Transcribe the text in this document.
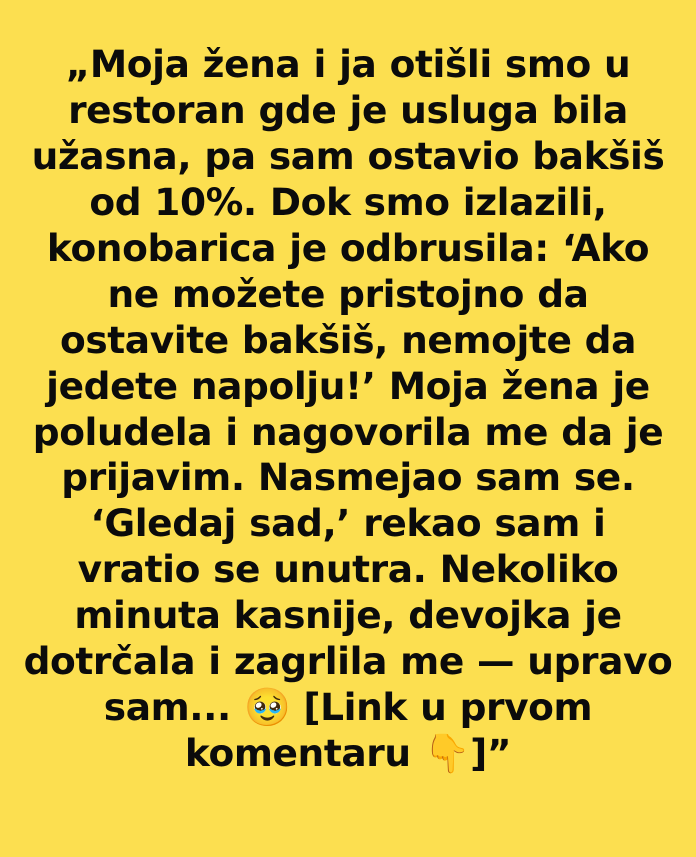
„Moja žena i ja otišli smo u restoran gde je usluga bila užasna, pa sam ostavio bakšiš od 10%. Dok smo izlazili, konobarica je odbrusila: ‘Ako ne možete pristojno da ostavite bakšiš, nemojte da jedete napolju!’ Moja žena je poludela i nagovorila me da je prijavim. Nasmejao sam se. ‘Gledaj sad,’ rekao sam i vratio se unutra. Nekoliko minuta kasnije, devojka je dotrčala i zagrlila me — upravo sam... 🥹 [Link u prvom komentaru 👇]”
